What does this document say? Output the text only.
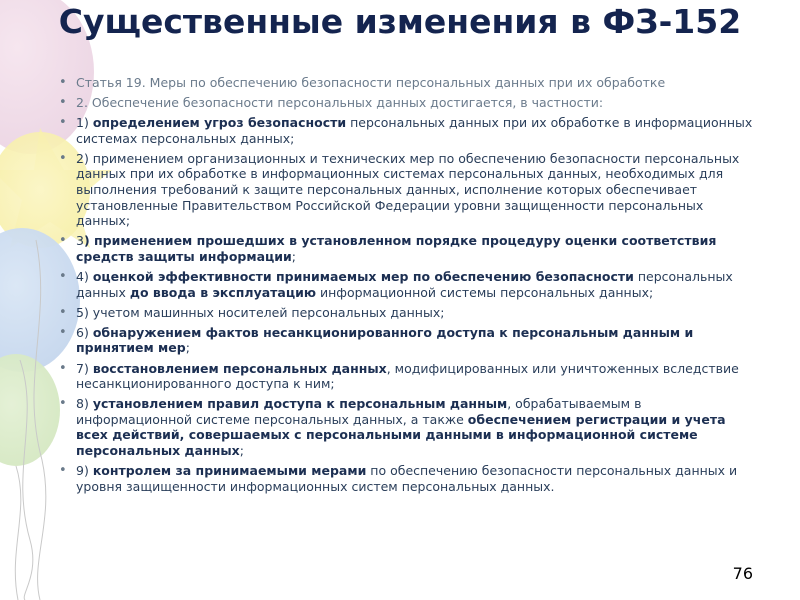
Существенные изменения в ФЗ-152
• Статья 19. Меры по обеспечению безопасности персональных данных при их обработке
• 2. Обеспечение безопасности персональных данных достигается, в частности:
• 1) определением угроз безопасности персональных данных при их обработке в информационных системах персональных данных;
• 2) применением организационных и технических мер по обеспечению безопасности персональных данных при их обработке в информационных системах персональных данных, необходимых для выполнения требований к защите персональных данных, исполнение которых обеспечивает установленные Правительством Российской Федерации уровни защищенности персональных данных;
• 3) применением прошедших в установленном порядке процедуру оценки соответствия средств защиты информации;
• 4) оценкой эффективности принимаемых мер по обеспечению безопасности персональных данных до ввода в эксплуатацию информационной системы персональных данных;
• 5) учетом машинных носителей персональных данных;
• 6) обнаружением фактов несанкционированного доступа к персональным данным и принятием мер;
• 7) восстановлением персональных данных, модифицированных или уничтоженных вследствие несанкционированного доступа к ним;
• 8) установлением правил доступа к персональным данным, обрабатываемым в информационной системе персональных данных, а также обеспечением регистрации и учета всех действий, совершаемых с персональными данными в информационной системе персональных данных;
• 9) контролем за принимаемыми мерами по обеспечению безопасности персональных данных и уровня защищенности информационных систем персональных данных.
76
